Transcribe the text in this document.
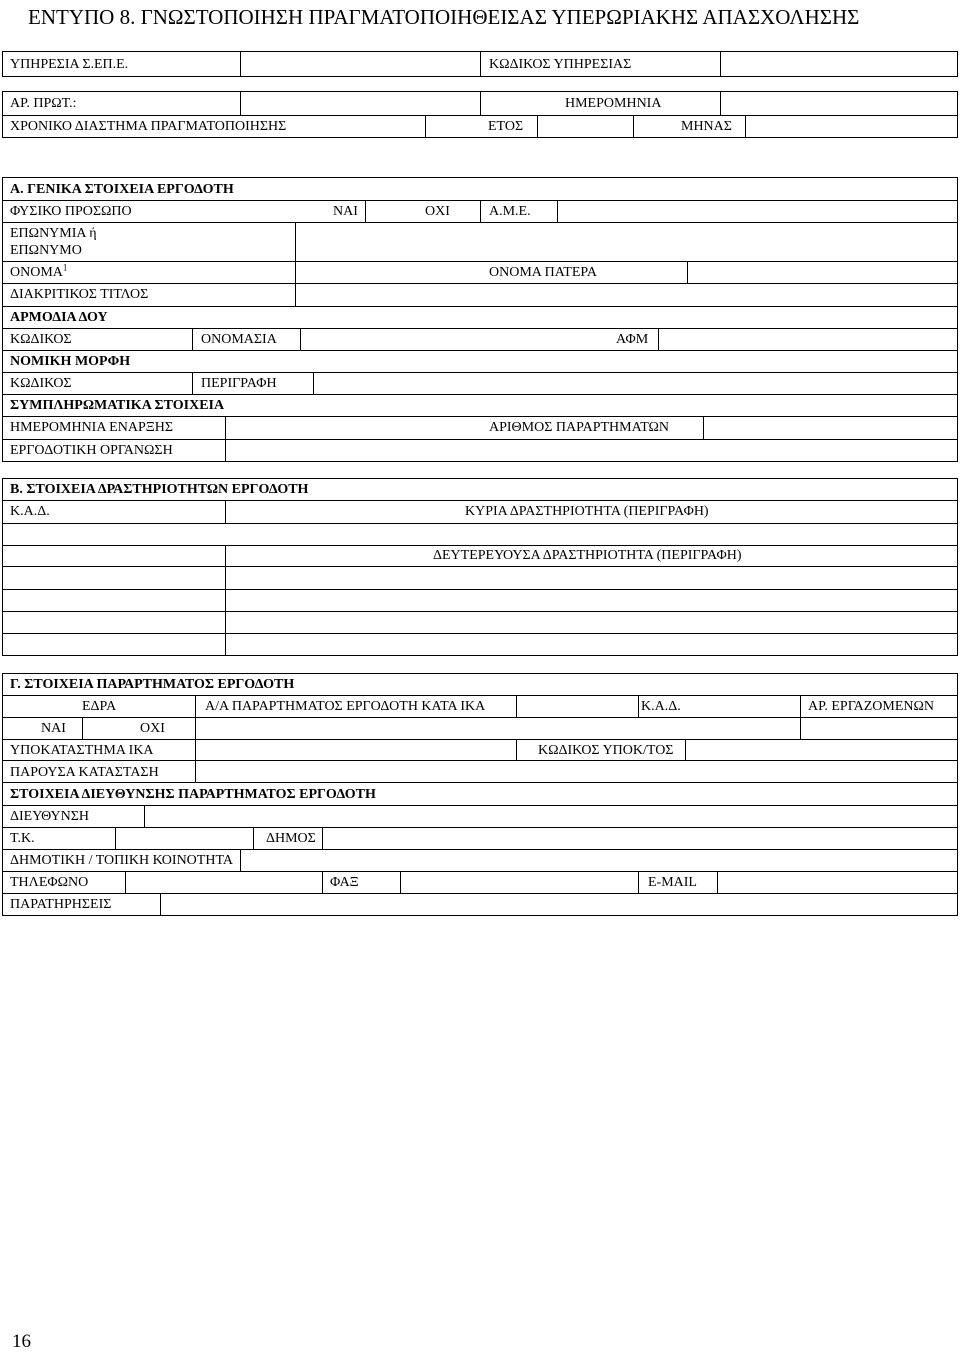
ΕΝΤΥΠΟ 8. ΓΝΩΣΤΟΠΟΙΗΣΗ ΠΡΑΓΜΑΤΟΠΟΙΗΘΕΙΣΑΣ ΥΠΕΡΩΡΙΑΚΗΣ ΑΠΑΣΧΟΛΗΣΗΣ
ΥΠΗΡΕΣΙΑ Σ.ΕΠ.Ε.	ΚΩΔΙΚΟΣ ΥΠΗΡΕΣΙΑΣ
ΑΡ. ΠΡΩΤ.:	ΗΜΕΡΟΜΗΝΙΑ
ΧΡΟΝΙΚΟ ΔΙΑΣΤΗΜΑ ΠΡΑΓΜΑΤΟΠΟΙΗΣΗΣ	ΕΤΟΣ	ΜΗΝΑΣ
Α. ΓΕΝΙΚΑ ΣΤΟΙΧΕΙΑ ΕΡΓΟΔΟΤΗ
ΦΥΣΙΚΟ ΠΡΟΣΩΠΟ	ΝΑΙ	ΟΧΙ	Α.Μ.Ε.
ΕΠΩΝΥΜΙΑ ή
ΕΠΩΝΥΜΟ
ΟΝΟΜΑ$^1$	ΟΝΟΜΑ ΠΑΤΕΡΑ
ΔΙΑΚΡΙΤΙΚΟΣ ΤΙΤΛΟΣ
ΑΡΜΟΔΙΑ ΔΟΥ
ΚΩΔΙΚΟΣ	ΟΝΟΜΑΣΙΑ	ΑΦΜ
ΝΟΜΙΚΗ ΜΟΡΦΗ
ΚΩΔΙΚΟΣ	ΠΕΡΙΓΡΑΦΗ
ΣΥΜΠΛΗΡΩΜΑΤΙΚΑ ΣΤΟΙΧΕΙΑ
ΗΜΕΡΟΜΗΝΙΑ ΕΝΑΡΞΗΣ	ΑΡΙΘΜΟΣ ΠΑΡΑΡΤΗΜΑΤΩΝ
ΕΡΓΟΔΟΤΙΚΗ ΟΡΓΑΝΩΣΗ
Β. ΣΤΟΙΧΕΙΑ ΔΡΑΣΤΗΡΙΟΤΗΤΩΝ ΕΡΓΟΔΟΤΗ
Κ.Α.Δ.	ΚΥΡΙΑ ΔΡΑΣΤΗΡΙΟΤΗΤΑ (ΠΕΡΙΓΡΑΦΗ)
ΔΕΥΤΕΡΕΥΟΥΣΑ ΔΡΑΣΤΗΡΙΟΤΗΤΑ (ΠΕΡΙΓΡΑΦΗ)
Γ. ΣΤΟΙΧΕΙΑ ΠΑΡΑΡΤΗΜΑΤΟΣ ΕΡΓΟΔΟΤΗ
ΕΔΡΑ	Α/Α ΠΑΡΑΡΤΗΜΑΤΟΣ ΕΡΓΟΔΟΤΗ ΚΑΤΑ ΙΚΑ	Κ.Α.Δ.	ΑΡ. ΕΡΓΑΖΟΜΕΝΩΝ
ΝΑΙ	ΟΧΙ
ΥΠΟΚΑΤΑΣΤΗΜΑ ΙΚΑ	ΚΩΔΙΚΟΣ ΥΠΟΚ/ΤΟΣ
ΠΑΡΟΥΣΑ ΚΑΤΑΣΤΑΣΗ
ΣΤΟΙΧΕΙΑ ΔΙΕΥΘΥΝΣΗΣ ΠΑΡΑΡΤΗΜΑΤΟΣ ΕΡΓΟΔΟΤΗ
ΔΙΕΥΘΥΝΣΗ
Τ.Κ.	ΔΗΜΟΣ
ΔΗΜΟΤΙΚΗ / ΤΟΠΙΚΗ ΚΟΙΝΟΤΗΤΑ
ΤΗΛΕΦΩΝΟ	ΦΑΞ	E-MAIL
ΠΑΡΑΤΗΡΗΣΕΙΣ
16
